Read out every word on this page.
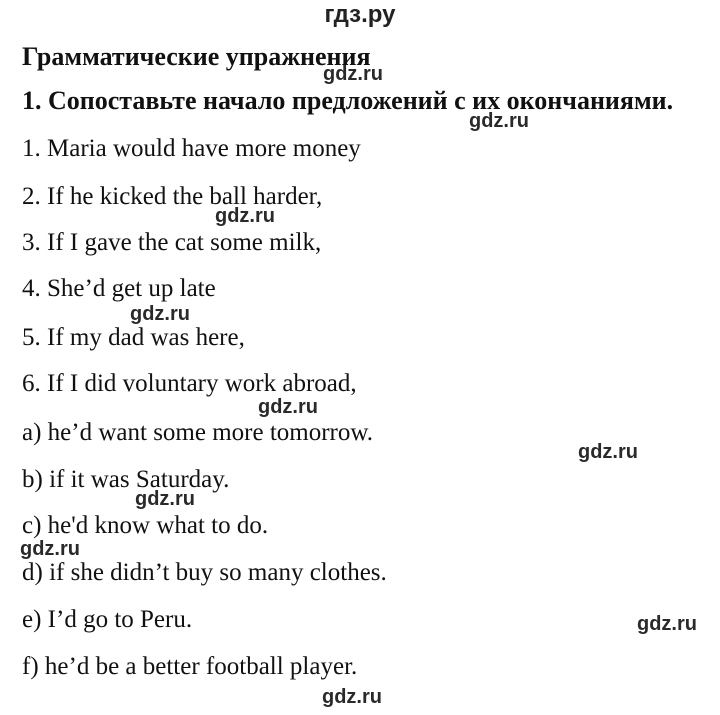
гдз.ру
Грамматические упражнения
1. Сопоставьте начало предложений с их окончаниями.
1. Maria would have more money
2. If he kicked the ball harder,
3. If I gave the cat some milk,
4. She’d get up late
5. If my dad was here,
6. If I did voluntary work abroad,
a) he’d want some more tomorrow.
b) if it was Saturday.
c) he'd know what to do.
d) if she didn’t buy so many clothes.
e) I’d go to Peru.
f) he’d be a better football player.
gdz.ru
gdz.ru
gdz.ru
gdz.ru
gdz.ru
gdz.ru
gdz.ru
gdz.ru
gdz.ru
gdz.ru
